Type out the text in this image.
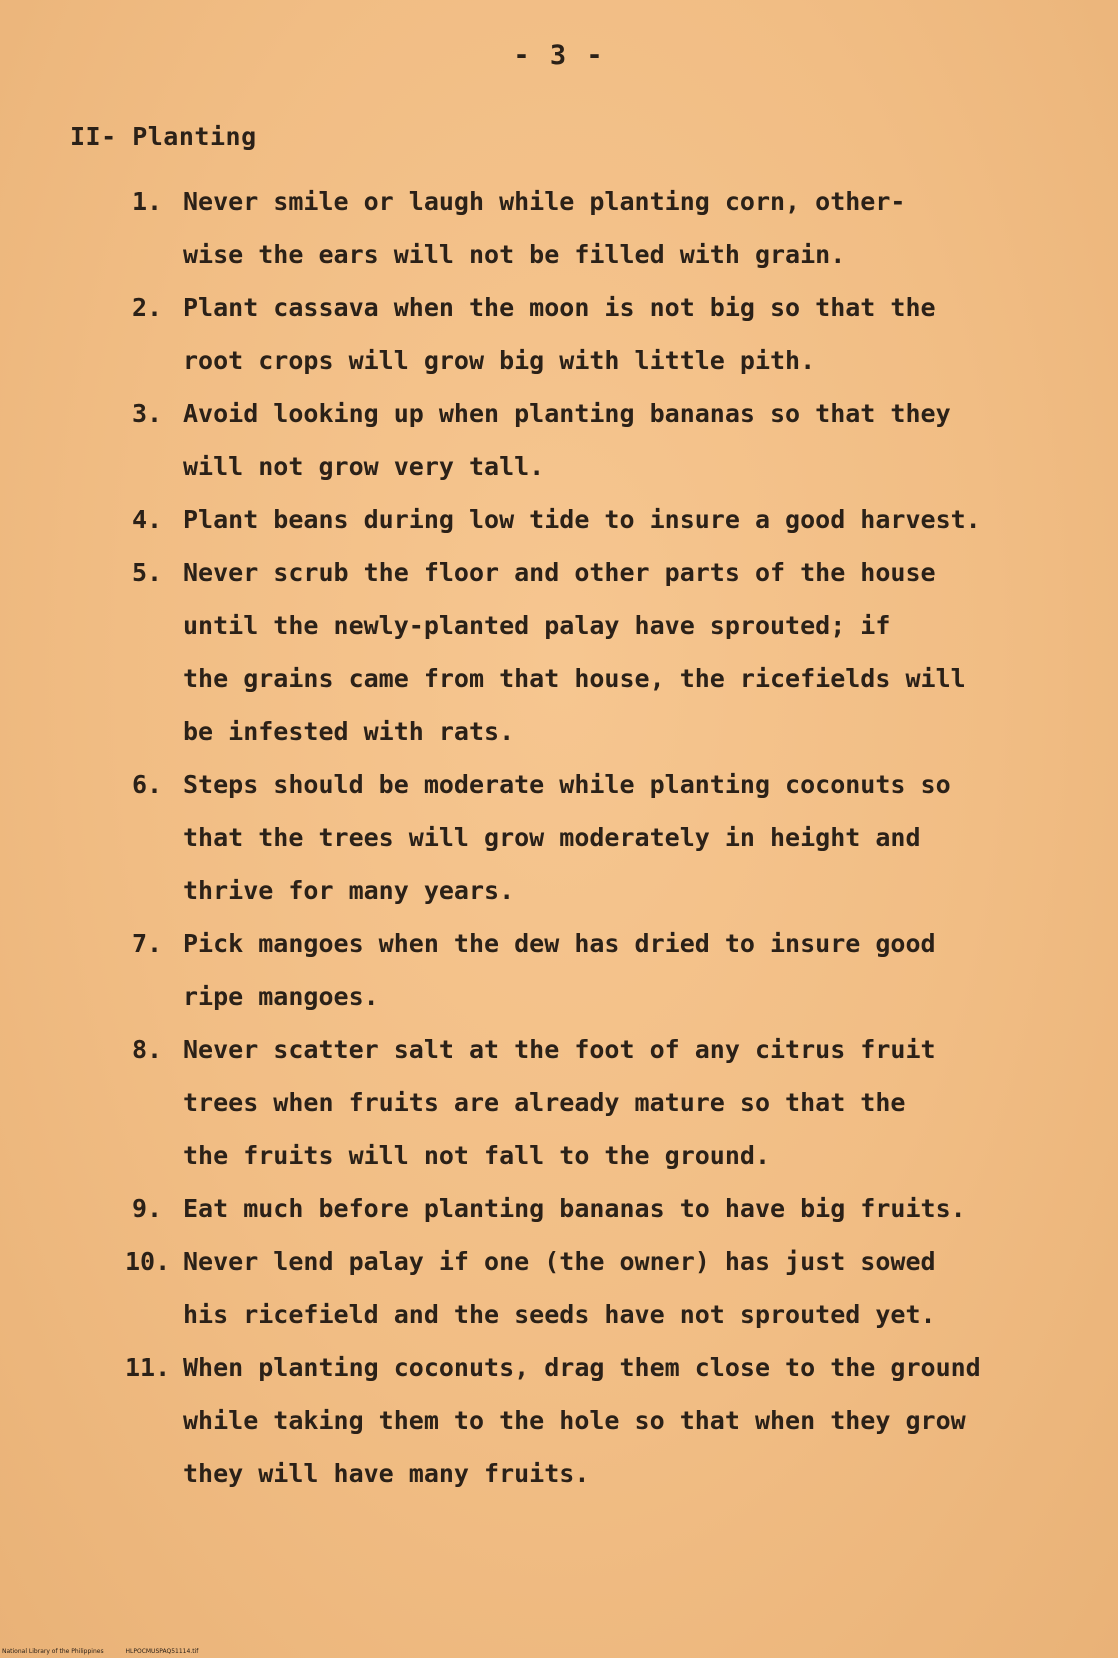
- 3 -
II- Planting
1. Never smile or laugh while planting corn, other-
wise the ears will not be filled with grain.
2. Plant cassava when the moon is not big so that the
root crops will grow big with little pith.
3. Avoid looking up when planting bananas so that they
will not grow very tall.
4. Plant beans during low tide to insure a good harvest.
5. Never scrub the floor and other parts of the house
until the newly-planted palay have sprouted; if
the grains came from that house, the ricefields will
be infested with rats.
6. Steps should be moderate while planting coconuts so
that the trees will grow moderately in height and
thrive for many years.
7. Pick mangoes when the dew has dried to insure good
ripe mangoes.
8. Never scatter salt at the foot of any citrus fruit
trees when fruits are already mature so that the
the fruits will not fall to the ground.
9. Eat much before planting bananas to have big fruits.
10. Never lend palay if one (the owner) has just sowed
his ricefield and the seeds have not sprouted yet.
11. When planting coconuts, drag them close to the ground
while taking them to the hole so that when they grow
they will have many fruits.
National Library of the Philippines	HLPOCMUSPAQ51114.tif
